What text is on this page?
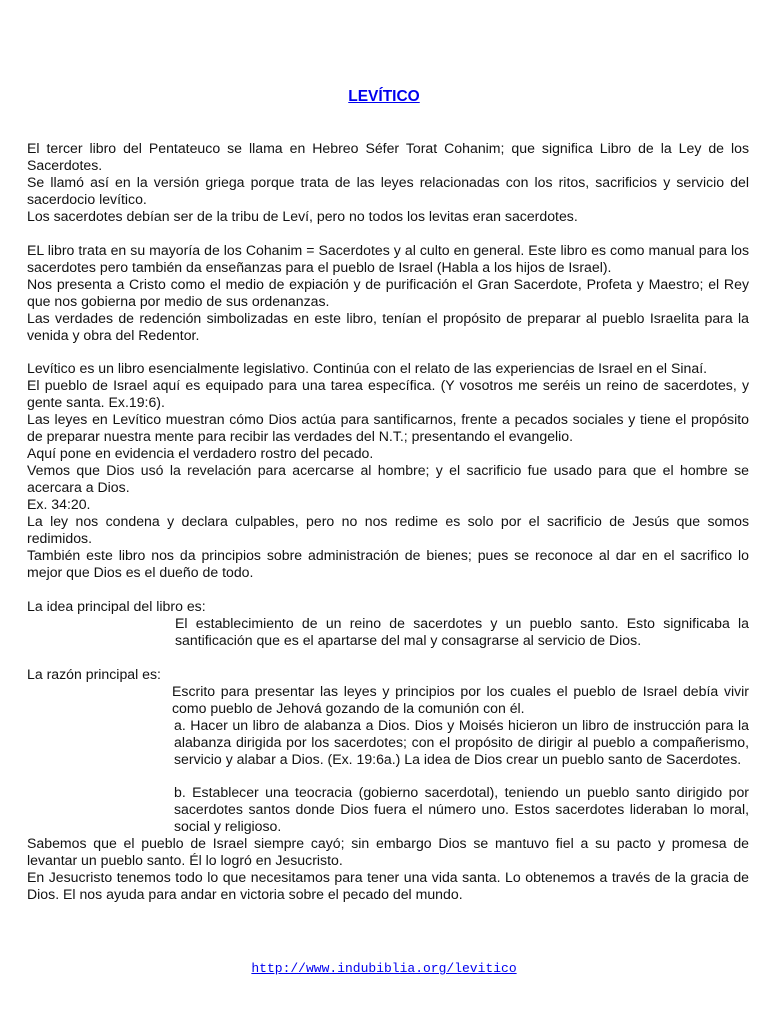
LEVÍTICO

El tercer libro del Pentateuco se llama en Hebreo Séfer Torat Cohanim; que significa Libro de la Ley de los Sacerdotes.

Se llamó así en la versión griega porque trata de las leyes relacionadas con los ritos, sacrificios y servicio del sacerdocio levítico.

Los sacerdotes debían ser de la tribu de Leví, pero no todos los levitas eran sacerdotes.

EL libro trata en su mayoría de los Cohanim = Sacerdotes y al culto en general. Este libro es como manual para los sacerdotes pero también da enseñanzas para el pueblo de Israel (Habla a los hijos de Israel).

Nos presenta a Cristo como el medio de expiación y de purificación el Gran Sacerdote, Profeta y Maestro; el Rey que nos gobierna por medio de sus ordenanzas.

Las verdades de redención simbolizadas en este libro, tenían el propósito de preparar al pueblo Israelita para la venida y obra del Redentor.

Levítico es un libro esencialmente legislativo. Continúa con el relato de las experiencias de Israel en el Sinaí.

El pueblo de Israel aquí es equipado para una tarea específica. (Y vosotros me seréis un reino de sacerdotes, y gente santa. Ex.19:6).

Las leyes en Levítico muestran cómo Dios actúa para santificarnos, frente a pecados sociales y tiene el propósito de preparar nuestra mente para recibir las verdades del N.T.; presentando el evangelio.

Aquí pone en evidencia el verdadero rostro del pecado.

Vemos que Dios usó la revelación para acercarse al hombre; y el sacrificio fue usado para que el hombre se acercara a Dios.

Ex. 34:20.

La ley nos condena y declara culpables, pero no nos redime es solo por el sacrificio de Jesús que somos redimidos.

También este libro nos da principios sobre administración de bienes; pues se reconoce al dar en el sacrifico lo mejor que Dios es el dueño de todo.

La idea principal del libro es:

El establecimiento de un reino de sacerdotes y un pueblo santo. Esto significaba la santificación que es el apartarse del mal y consagrarse al servicio de Dios.

La razón principal es:

Escrito para presentar las leyes y principios por los cuales el pueblo de Israel debía vivir como pueblo de Jehová gozando de la comunión con él.

a. Hacer un libro de alabanza a Dios. Dios y Moisés hicieron un libro de instrucción para la alabanza dirigida por los sacerdotes; con el propósito de dirigir al pueblo a compañerismo, servicio y alabar a Dios. (Ex. 19:6a.) La idea de Dios crear un pueblo santo de Sacerdotes.

b. Establecer una teocracia (gobierno sacerdotal), teniendo un pueblo santo dirigido por sacerdotes santos donde Dios fuera el número uno. Estos sacerdotes lideraban lo moral, social y religioso.

Sabemos que el pueblo de Israel siempre cayó; sin embargo Dios se mantuvo fiel a su pacto y promesa de levantar un pueblo santo. Él lo logró en Jesucristo.

En Jesucristo tenemos todo lo que necesitamos para tener una vida santa. Lo obtenemos a través de la gracia de Dios. El nos ayuda para andar en victoria sobre el pecado del mundo.

http://www.indubiblia.org/levitico
